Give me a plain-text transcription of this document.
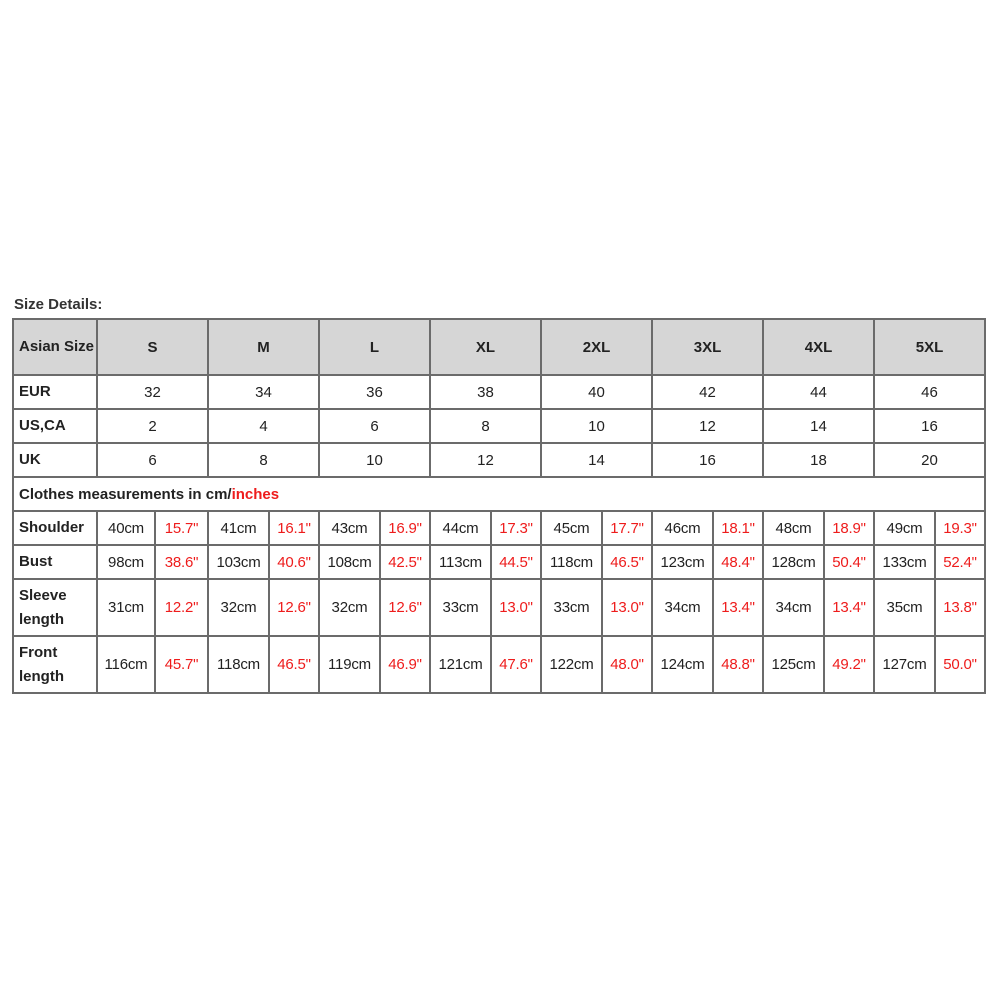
Size Details:
Asian Size	S		M		L		XL		2XL		3XL		4XL		5XL	
EUR	32		34		36		38		40		42		44		46	
US,CA	2		4		6		8		10		12		14		16	
UK	6		8		10		12		14		16		18		20	
Clothes measurements in cm/inches																
Shoulder	40cm	15.7"	41cm	16.1"	43cm	16.9"	44cm	17.3"	45cm	17.7"	46cm	18.1"	48cm	18.9"	49cm	19.3"
Bust	98cm	38.6"	103cm	40.6"	108cm	42.5"	113cm	44.5"	118cm	46.5"	123cm	48.4"	128cm	50.4"	133cm	52.4"
Sleeve length	31cm	12.2"	32cm	12.6"	32cm	12.6"	33cm	13.0"	33cm	13.0"	34cm	13.4"	34cm	13.4"	35cm	13.8"
Front length	116cm	45.7"	118cm	46.5"	119cm	46.9"	121cm	47.6"	122cm	48.0"	124cm	48.8"	125cm	49.2"	127cm	50.0"
